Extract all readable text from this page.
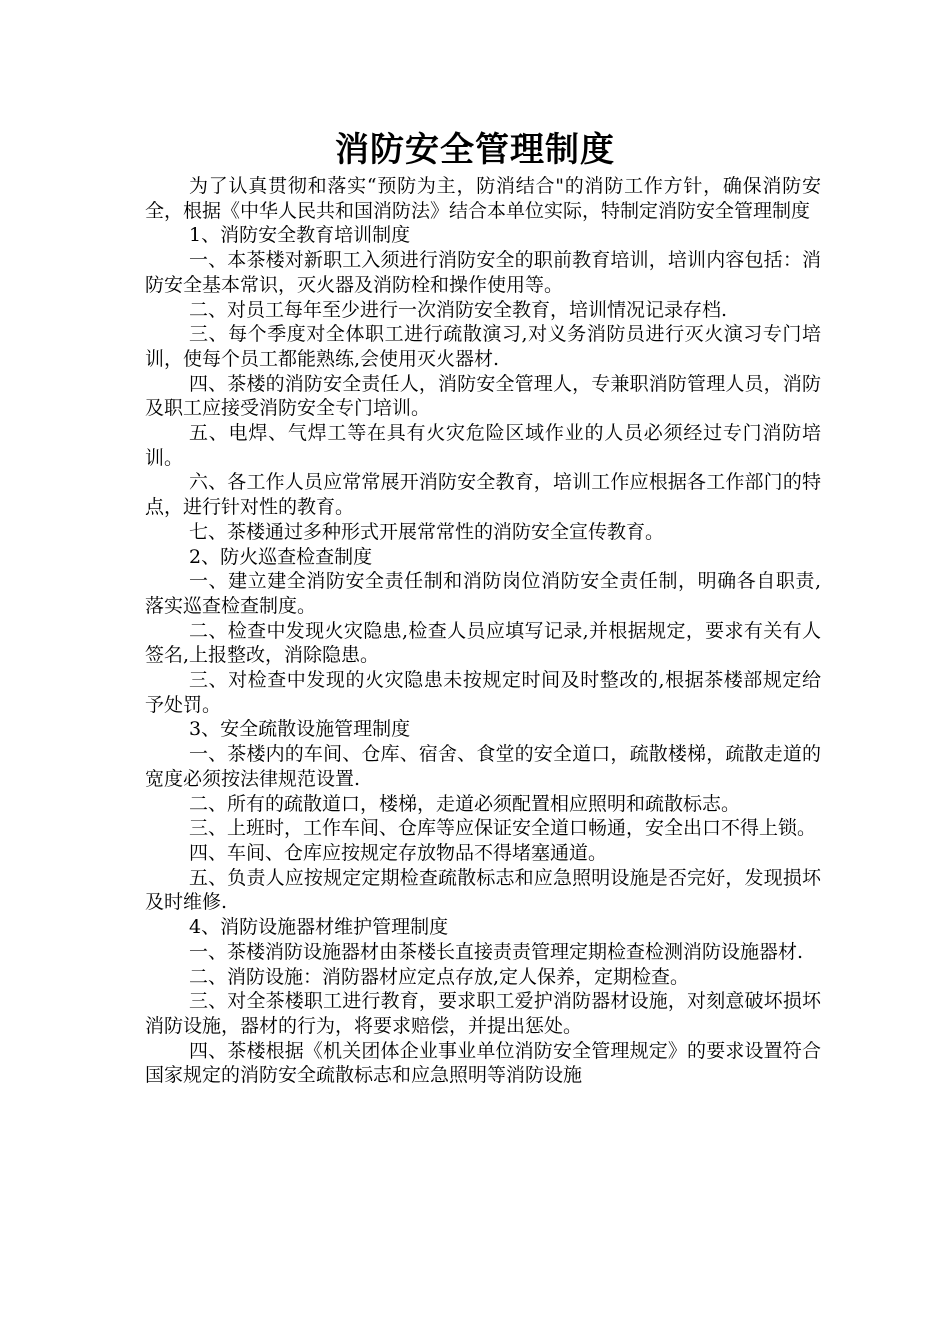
消防安全管理制度

为了认真贯彻和落实“预防为主，防消结合"的消防工作方针，确保消防安全，根据《中华人民共和国消防法》结合本单位实际，特制定消防安全管理制度

1、消防安全教育培训制度

一、本茶楼对新职工入须进行消防安全的职前教育培训，培训内容包括：消防安全基本常识，灭火器及消防栓和操作使用等。

二、对员工每年至少进行一次消防安全教育，培训情况记录存档.

三、每个季度对全体职工进行疏散演习,对义务消防员进行灭火演习专门培训，使每个员工都能熟练,会使用灭火器材.

四、茶楼的消防安全责任人，消防安全管理人，专兼职消防管理人员，消防及职工应接受消防安全专门培训。

五、电焊、气焊工等在具有火灾危险区域作业的人员必须经过专门消防培训。

六、各工作人员应常常展开消防安全教育，培训工作应根据各工作部门的特点，进行针对性的教育。

七、茶楼通过多种形式开展常常性的消防安全宣传教育。

2、防火巡查检查制度

一、建立建全消防安全责任制和消防岗位消防安全责任制，明确各自职责,落实巡查检查制度。

二、检查中发现火灾隐患,检查人员应填写记录,并根据规定，要求有关有人签名,上报整改，消除隐患。

三、对检查中发现的火灾隐患未按规定时间及时整改的,根据茶楼部规定给予处罚。

3、安全疏散设施管理制度

一、茶楼内的车间、仓库、宿舍、食堂的安全道口，疏散楼梯，疏散走道的宽度必须按法律规范设置.

二、所有的疏散道口，楼梯，走道必须配置相应照明和疏散标志。

三、上班时，工作车间、仓库等应保证安全道口畅通，安全出口不得上锁。

四、车间、仓库应按规定存放物品不得堵塞通道。

五、负责人应按规定定期检查疏散标志和应急照明设施是否完好，发现损坏及时维修.

4、消防设施器材维护管理制度

一、茶楼消防设施器材由茶楼长直接责责管理定期检查检测消防设施器材.

二、消防设施：消防器材应定点存放,定人保养，定期检查。

三、对全茶楼职工进行教育，要求职工爱护消防器材设施，对刻意破坏损坏消防设施，器材的行为，将要求赔偿，并提出惩处。

四、茶楼根据《机关团体企业事业单位消防安全管理规定》的要求设置符合国家规定的消防安全疏散标志和应急照明等消防设施
